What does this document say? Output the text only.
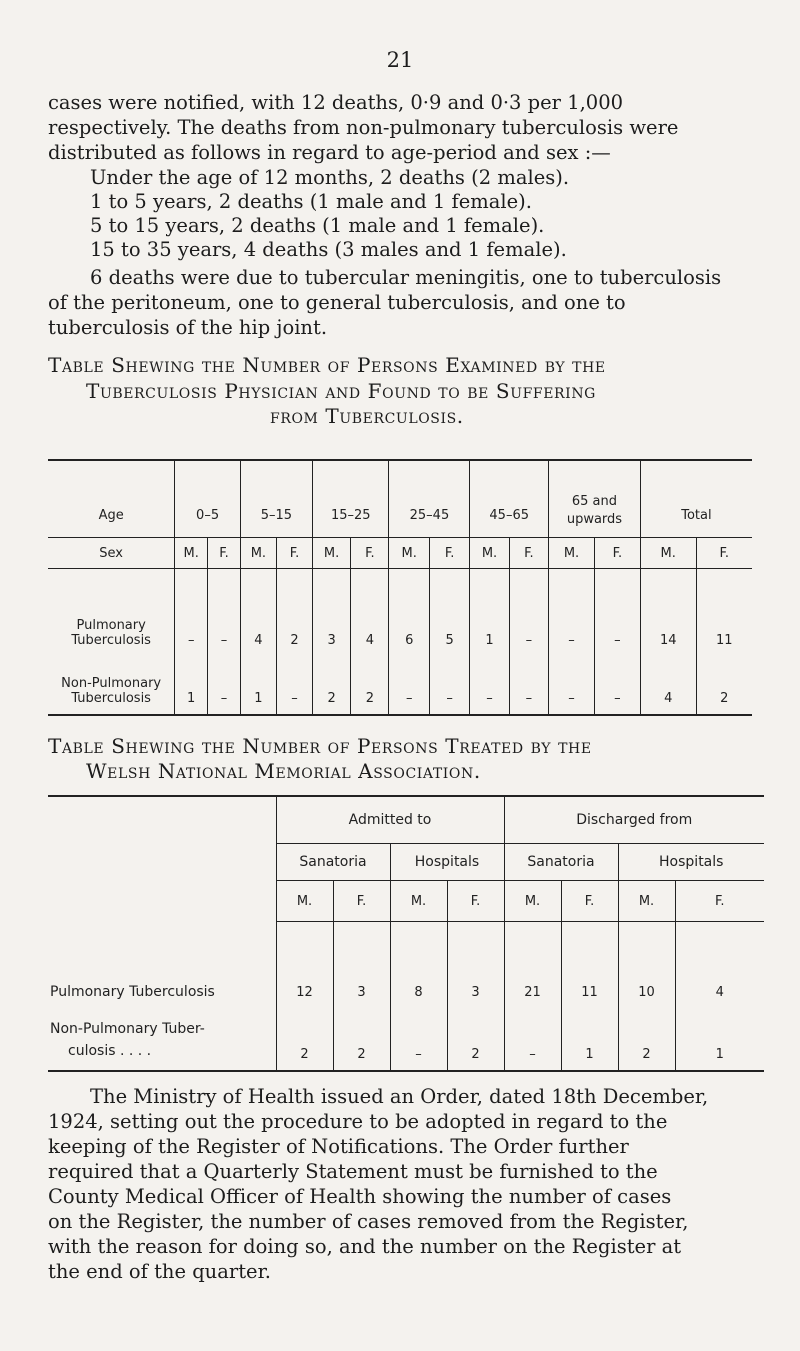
21

cases were notified, with 12 deaths, 0·9 and 0·3 per 1,000
respectively. The deaths from non-pulmonary tuberculosis were
distributed as follows in regard to age-period and sex :—

Under the age of 12 months, 2 deaths (2 males).
1 to 5 years, 2 deaths (1 male and 1 female).
5 to 15 years, 2 deaths (1 male and 1 female).
15 to 35 years, 4 deaths (3 males and 1 female).

6 deaths were due to tubercular meningitis, one to tuberculosis
of the peritoneum, one to general tuberculosis, and one to
tuberculosis of the hip joint.

Table Shewing the Number of Persons Examined by the
Tuberculosis Physician and Found to be Suffering
from Tuberculosis.
Age	0–5		5–15		15–25		25–45		45–65		65 and upwards		Total	
Sex	M.	F.	M.	F.	M.	F.	M.	F.	M.	F.	M.	F.	M.	F.
Pulmonary
Tuberculosis	–	–	4	2	3	4	6	5	1	–	–	–	14	11
Non-Pulmonary
Tuberculosis	1	–	1	–	2	2	–	–	–	–	–	–	4	2
Table Shewing the Number of Persons Treated by the
Welsh National Memorial Association.
	Admitted to				Discharged from			
	Sanatoria		Hospitals		Sanatoria		Hospitals	
	M.	F.	M.	F.	M.	F.	M.	F.
Pulmonary Tuberculosis	12	3	8	3	21	11	10	4
Non-Pulmonary Tuber-
culosis . . . .	2	2	–	2	–	1	2	1

The Ministry of Health issued an Order, dated 18th December,
1924, setting out the procedure to be adopted in regard to the
keeping of the Register of Notifications. The Order further
required that a Quarterly Statement must be furnished to the
County Medical Officer of Health showing the number of cases
on the Register, the number of cases removed from the Register,
with the reason for doing so, and the number on the Register at
the end of the quarter.
